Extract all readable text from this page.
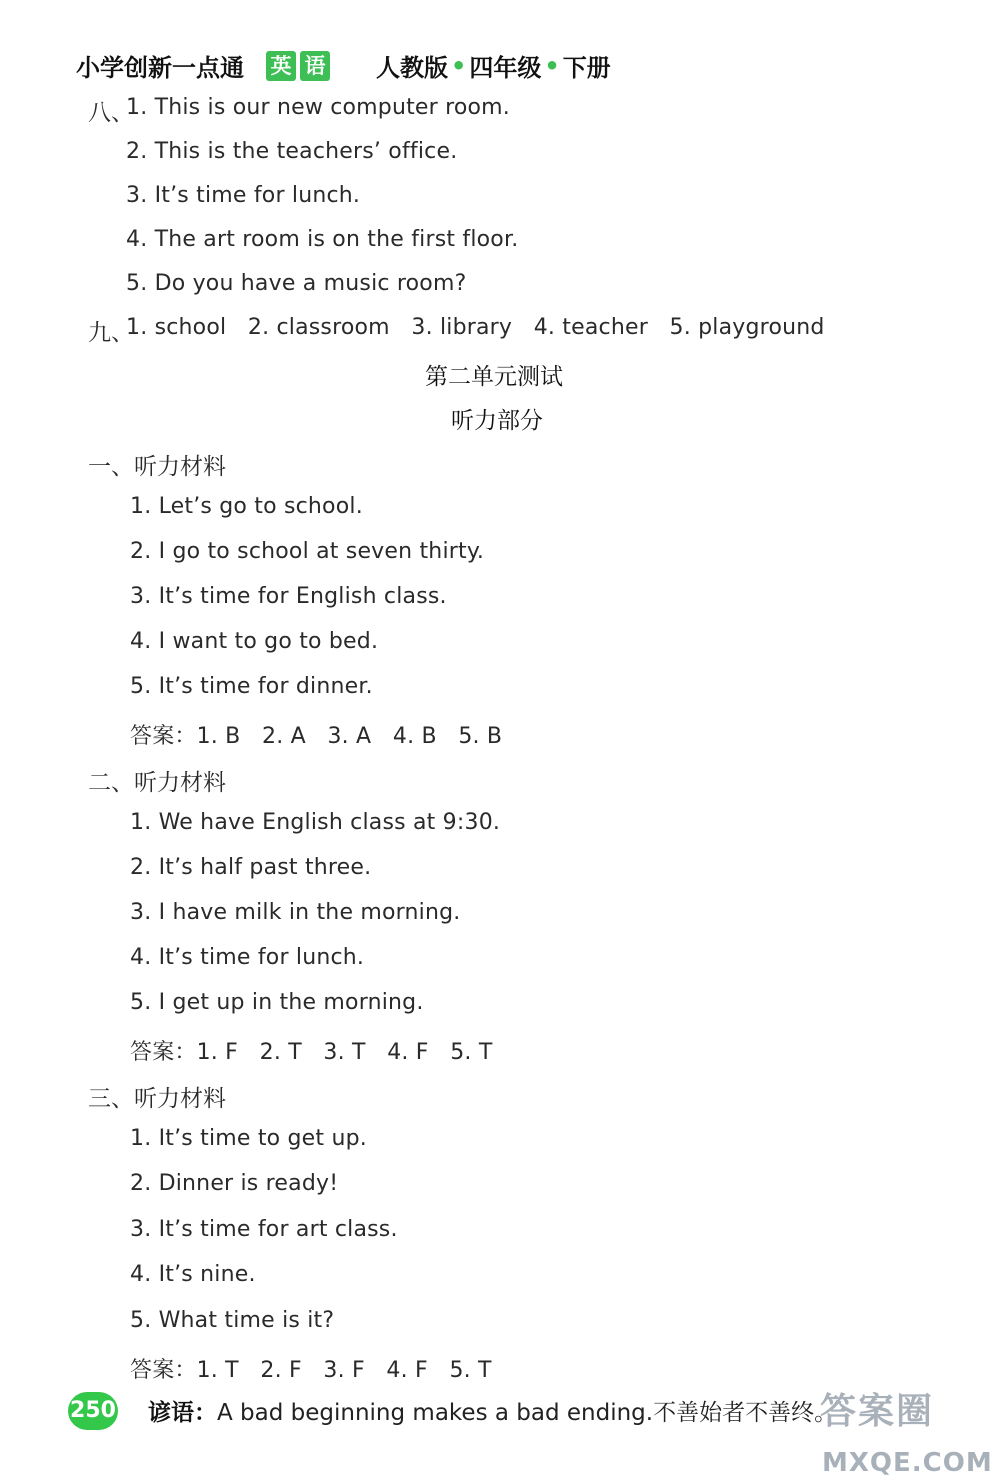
小学创新一点通 英 语 人教版 • 四年级 • 下册
八、
1. This is our new computer room.
2. This is the teachers’ office.
3. It’s time for lunch.
4. The art room is on the first floor.
5. Do you have a music room?
九、
1. school   2. classroom   3. library   4. teacher   5. playground
第二单元测试
听力部分
一、听力材料
1. Let’s go to school.
2. I go to school at seven thirty.
3. It’s time for English class.
4. I want to go to bed.
5. It’s time for dinner.
答案：1. B   2. A   3. A   4. B   5. B
二、听力材料
1. We have English class at 9:30.
2. It’s half past three.
3. I have milk in the morning.
4. It’s time for lunch.
5. I get up in the morning.
答案：1. F   2. T   3. T   4. F   5. T
三、听力材料
1. It’s time to get up.
2. Dinner is ready!
3. It’s time for art class.
4. It’s nine.
5. What time is it?
答案：1. T   2. F   3. F   4. F   5. T
250 谚语：A bad beginning makes a bad ending.不善始者不善终。
答案圈
MXQE.COM
